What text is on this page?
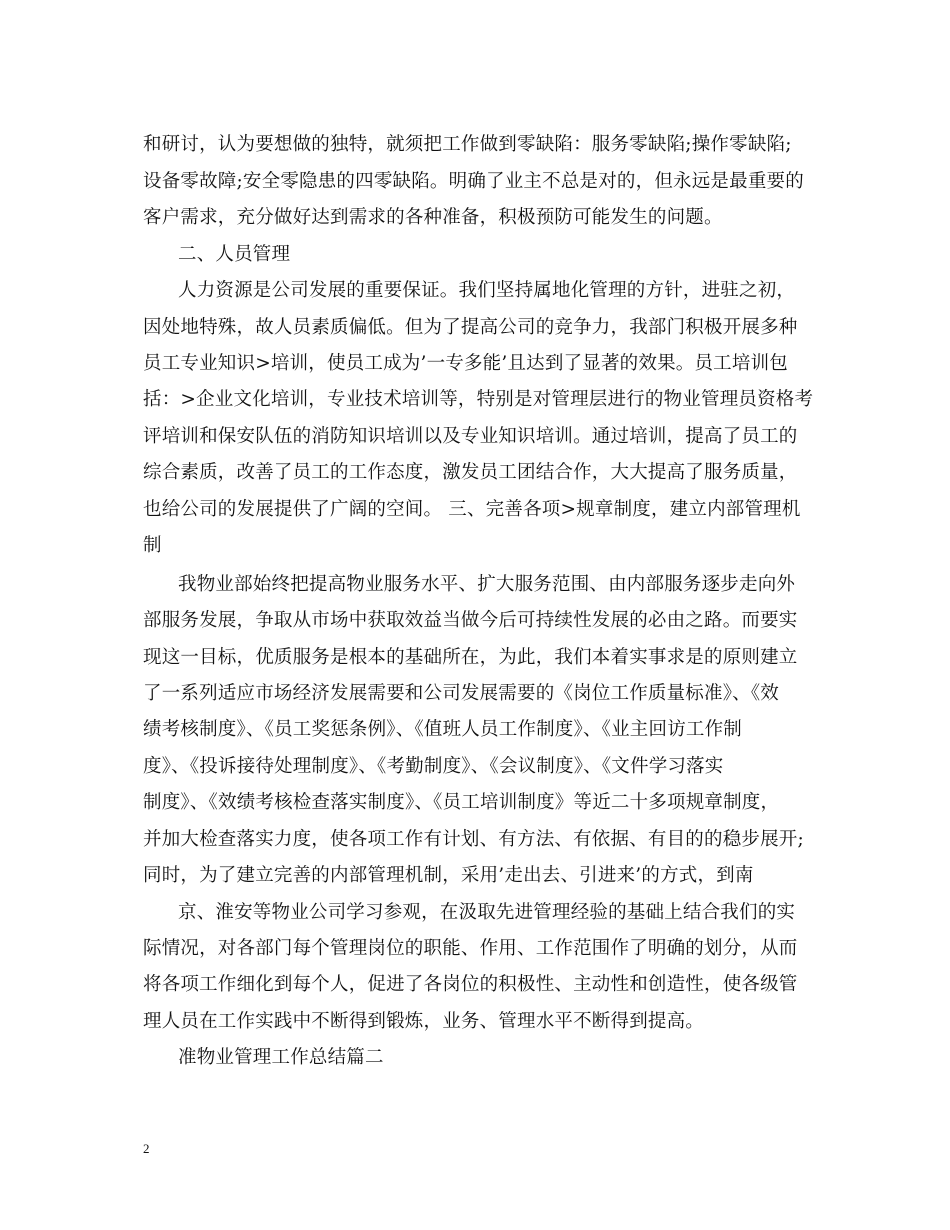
和研讨，认为要想做的独特，就须把工作做到零缺陷：服务零缺陷;操作零缺陷;
设备零故障;安全零隐患的四零缺陷。明确了业主不总是对的，但永远是最重要的
客户需求，充分做好达到需求的各种准备，积极预防可能发生的问题。
二、人员管理
人力资源是公司发展的重要保证。我们坚持属地化管理的方针，进驻之初，
因处地特殊，故人员素质偏低。但为了提高公司的竞争力，我部门积极开展多种
员工专业知识>培训，使员工成为’一专多能’且达到了显著的效果。员工培训包
括：>企业文化培训，专业技术培训等，特别是对管理层进行的物业管理员资格考
评培训和保安队伍的消防知识培训以及专业知识培训。通过培训，提高了员工的
综合素质，改善了员工的工作态度，激发员工团结合作，大大提高了服务质量，
也给公司的发展提供了广阔的空间。 三、完善各项>规章制度，建立内部管理机
制
我物业部始终把提高物业服务水平、扩大服务范围、由内部服务逐步走向外
部服务发展，争取从市场中获取效益当做今后可持续性发展的必由之路。而要实
现这一目标，优质服务是根本的基础所在，为此，我们本着实事求是的原则建立
了一系列适应市场经济发展需要和公司发展需要的《岗位工作质量标准》、《效
绩考核制度》、《员工奖惩条例》、《值班人员工作制度》、《业主回访工作制
度》、《投诉接待处理制度》、《考勤制度》、《会议制度》、《文件学习落实
制度》、《效绩考核检查落实制度》、《员工培训制度》等近二十多项规章制度，
并加大检查落实力度，使各项工作有计划、有方法、有依据、有目的的稳步展开;
同时，为了建立完善的内部管理机制，采用’走出去、引进来’的方式，到南
京、淮安等物业公司学习参观，在汲取先进管理经验的基础上结合我们的实
际情况，对各部门每个管理岗位的职能、作用、工作范围作了明确的划分，从而
将各项工作细化到每个人，促进了各岗位的积极性、主动性和创造性，使各级管
理人员在工作实践中不断得到锻炼，业务、管理水平不断得到提高。
准物业管理工作总结篇二
2
